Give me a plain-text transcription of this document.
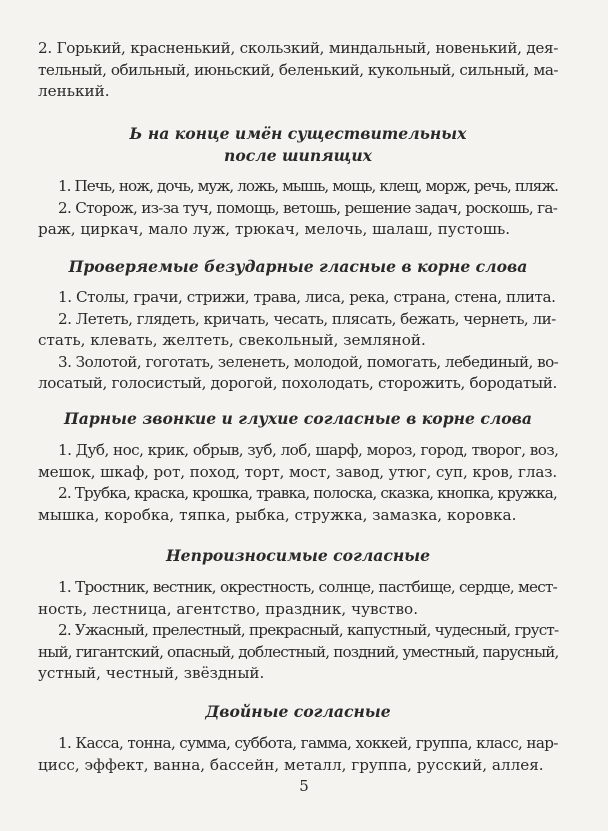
2. Горький, красненький, скользкий, миндальный, новенький, дея-
тельный, обильный, июньский, беленький, кукольный, сильный, ма-
ленький.
Ь на конце имён существительных
после шипящих
1. Печь, нож, дочь, муж, ложь, мышь, мощь, клещ, морж, речь, пляж.
2. Сторож, из-за туч, помощь, ветошь, решение задач, роскошь, га-
раж, циркач, мало луж, трюкач, мелочь, шалаш, пустошь.
Проверяемые безударные гласные в корне слова
1. Столы, грачи, стрижи, трава, лиса, река, страна, стена, плита.
2. Лететь, глядеть, кричать, чесать, плясать, бежать, чернеть, ли-
стать, клевать, желтеть, свекольный, земляной.
3. Золотой, гоготать, зеленеть, молодой, помогать, лебединый, во-
лосатый, голосистый, дорогой, похолодать, сторожить, бородатый.
Парные звонкие и глухие согласные в корне слова
1. Дуб, нос, крик, обрыв, зуб, лоб, шарф, мороз, город, творог, воз,
мешок, шкаф, рот, поход, торт, мост, завод, утюг, суп, кров, глаз.
2. Трубка, краска, крошка, травка, полоска, сказка, кнопка, кружка,
мышка, коробка, тяпка, рыбка, стружка, замазка, коровка.
Непроизносимые согласные
1. Тростник, вестник, окрестность, солнце, пастбище, сердце, мест-
ность, лестница, агентство, праздник, чувство.
2. Ужасный, прелестный, прекрасный, капустный, чудесный, груст-
ный, гигантский, опасный, доблестный, поздний, уместный, парусный,
устный, честный, звёздный.
Двойные согласные
1. Касса, тонна, сумма, суббота, гамма, хоккей, группа, класс, нар-
цисс, эффект, ванна, бассейн, металл, группа, русский, аллея.
5
